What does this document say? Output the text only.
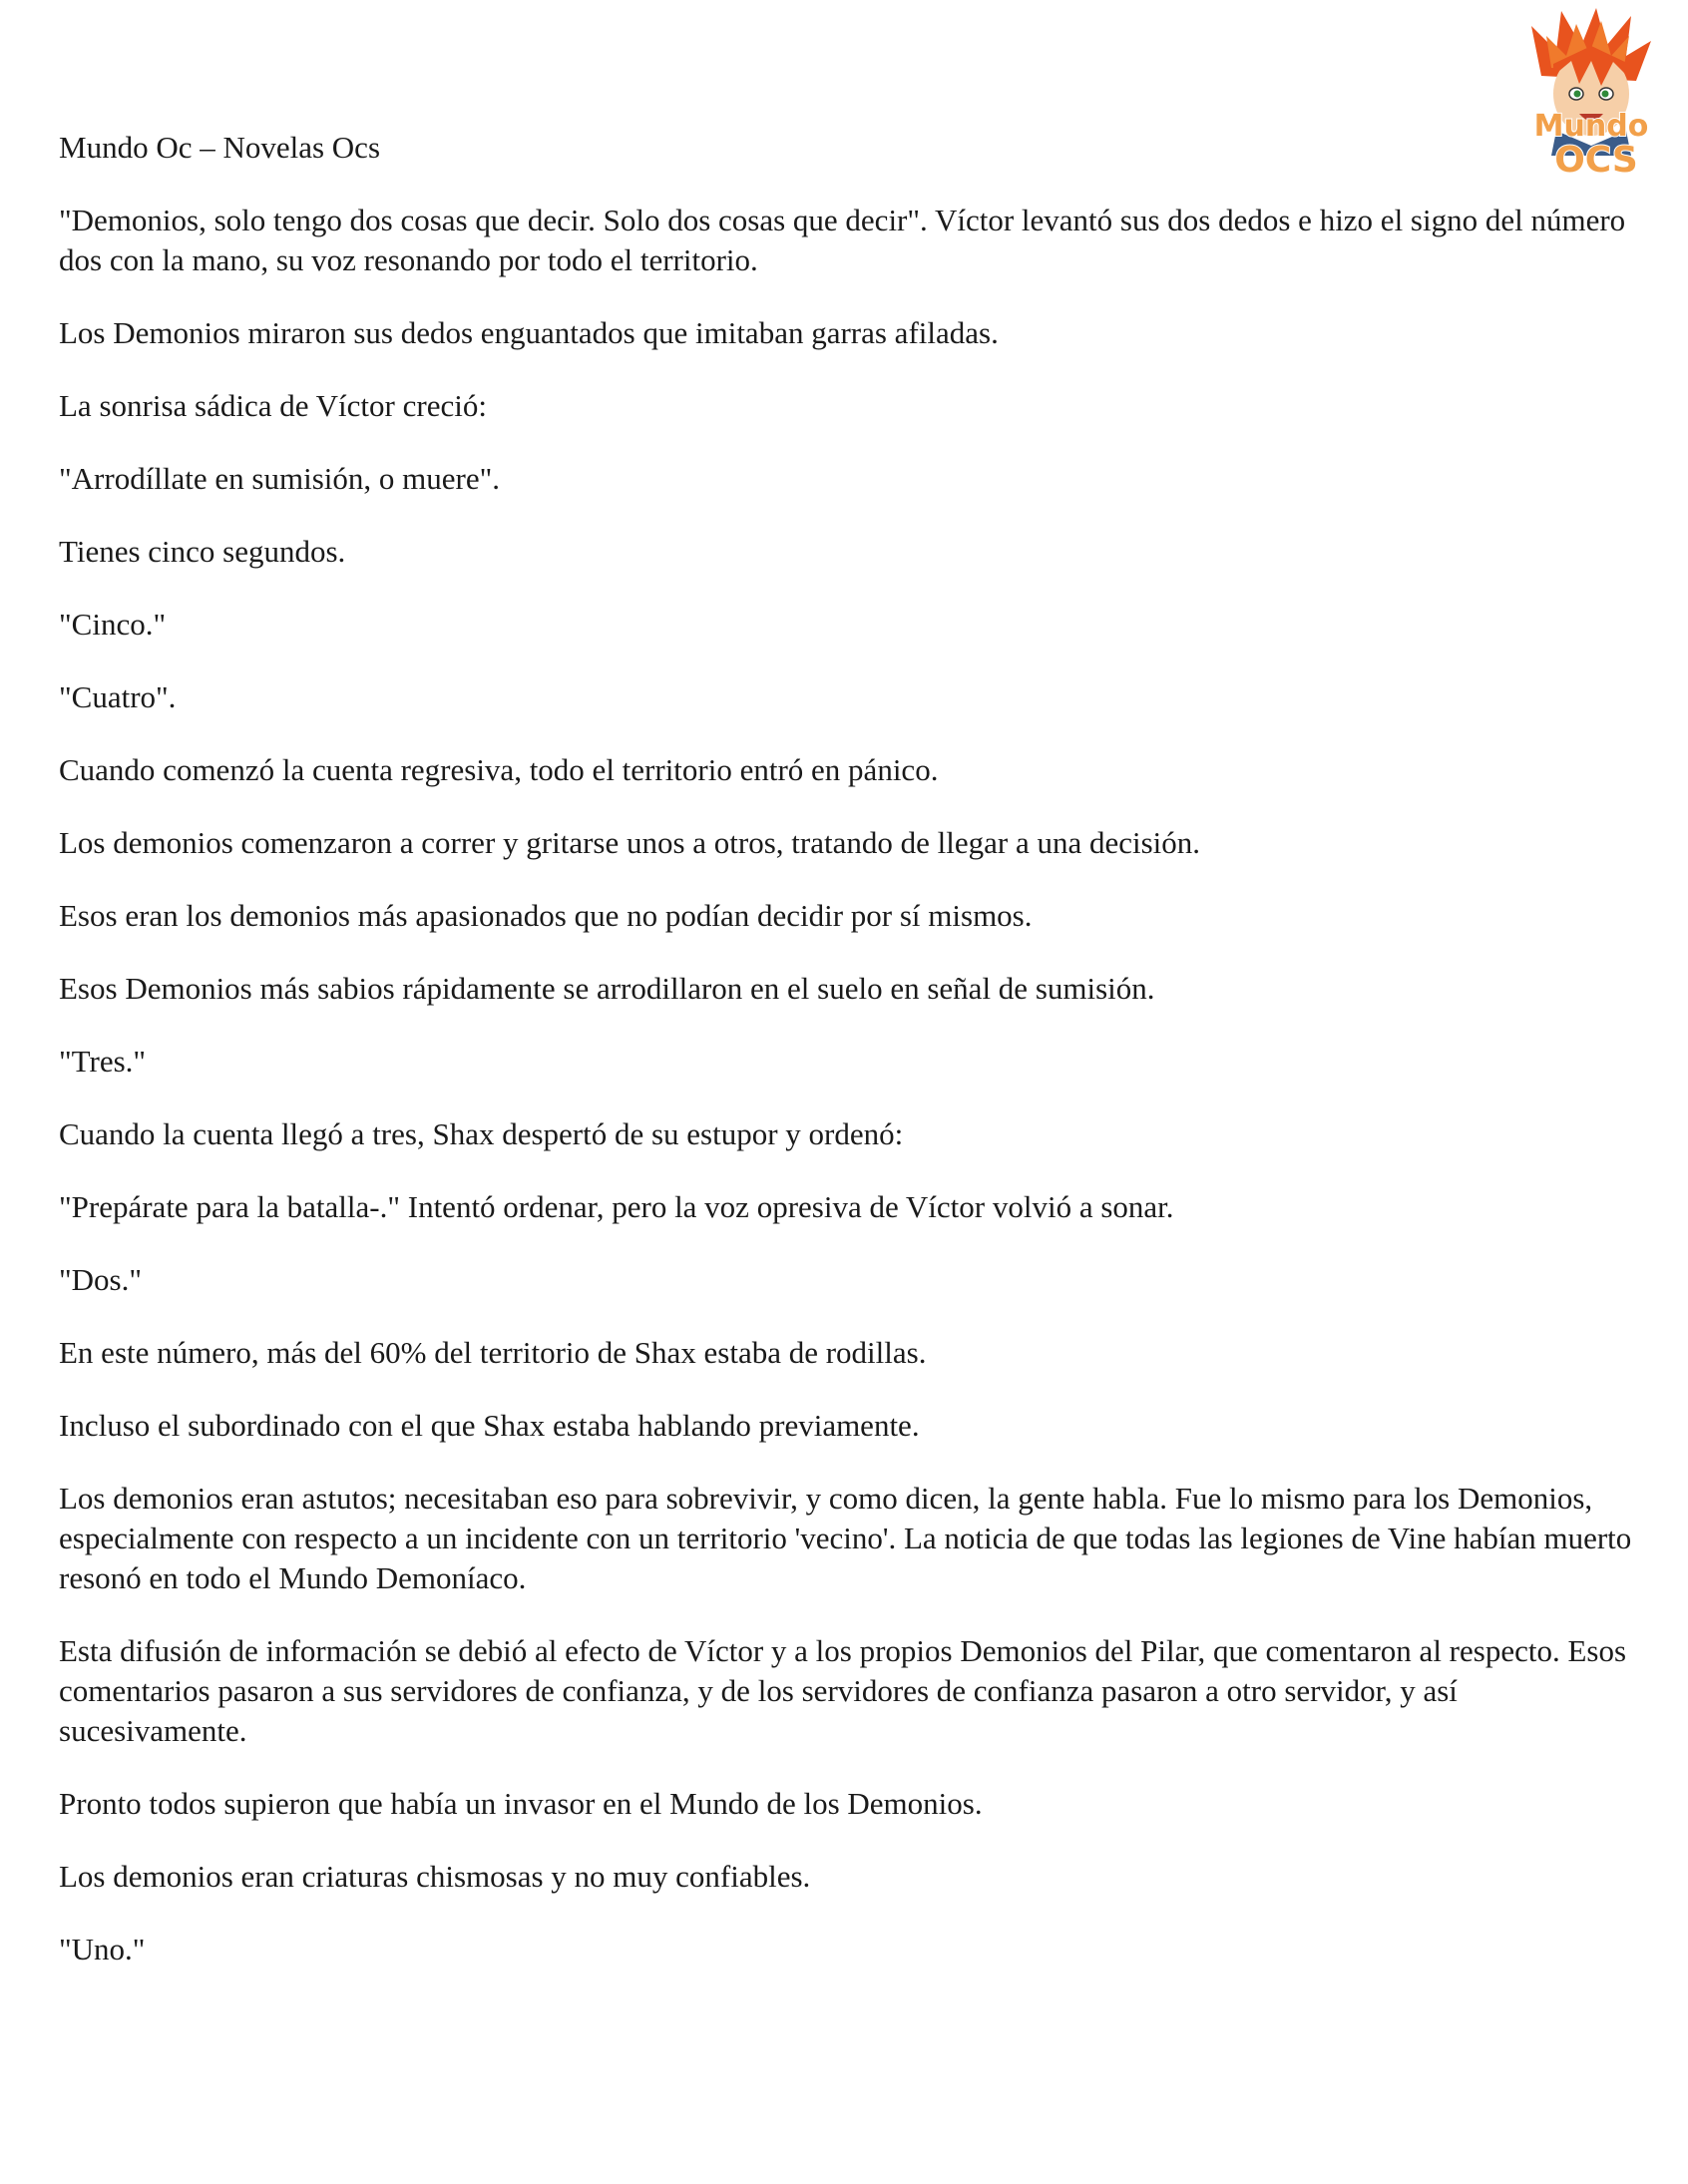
Mundo Oc – Novelas Ocs
Mundo
OCS

"Demonios, solo tengo dos cosas que decir. Solo dos cosas que decir". Víctor levantó sus dos dedos e hizo el signo del número dos con la mano, su voz resonando por todo el territorio.

Los Demonios miraron sus dedos enguantados que imitaban garras afiladas.

La sonrisa sádica de Víctor creció:

"Arrodíllate en sumisión, o muere".

Tienes cinco segundos.

"Cinco."

"Cuatro".

Cuando comenzó la cuenta regresiva, todo el territorio entró en pánico.

Los demonios comenzaron a correr y gritarse unos a otros, tratando de llegar a una decisión.

Esos eran los demonios más apasionados que no podían decidir por sí mismos.

Esos Demonios más sabios rápidamente se arrodillaron en el suelo en señal de sumisión.

"Tres."

Cuando la cuenta llegó a tres, Shax despertó de su estupor y ordenó:

"Prepárate para la batalla-." Intentó ordenar, pero la voz opresiva de Víctor volvió a sonar.

"Dos."

En este número, más del 60% del territorio de Shax estaba de rodillas.

Incluso el subordinado con el que Shax estaba hablando previamente.

Los demonios eran astutos; necesitaban eso para sobrevivir, y como dicen, la gente habla. Fue lo mismo para los Demonios, especialmente con respecto a un incidente con un territorio 'vecino'. La noticia de que todas las legiones de Vine habían muerto resonó en todo el Mundo Demoníaco.

Esta difusión de información se debió al efecto de Víctor y a los propios Demonios del Pilar, que comentaron al respecto. Esos comentarios pasaron a sus servidores de confianza, y de los servidores de confianza pasaron a otro servidor, y así sucesivamente.

Pronto todos supieron que había un invasor en el Mundo de los Demonios.

Los demonios eran criaturas chismosas y no muy confiables.

"Uno."
